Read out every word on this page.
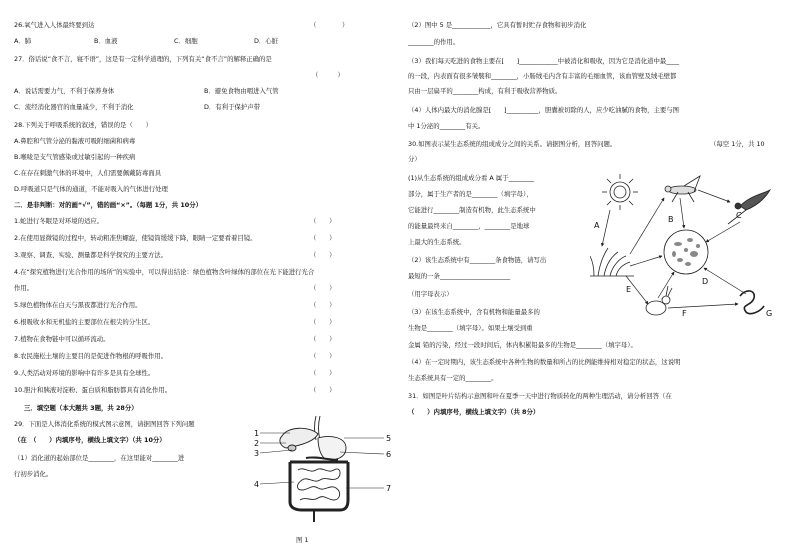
26.氧气进入人体最终要到达	（　　　　）
A．肺	B．血液	C．细胞	D．心脏
27．俗话说“食不言，寝不语”，这是有一定科学道理的，下列有关“食不言”的解释正确的是
（　　　）
A．说话需要力气，不利于保养身体	B．避免食物由咽进入气管
C．流经消化器官的血量减少，不利于消化	D．有利于保护声带
28.下列关于呼吸系统的叙述，错误的是（　　）
A.鼻腔和气管分泌的黏液可吸附细菌和病毒
B.喉咙是支气管感染或过敏引起的一种疾病
C.在存在刺激气体的环境中，人们需要佩戴防毒面具
D.呼吸道只是气体的通道，不能对吸入的气体进行处理
二．是非判断：对的画“√”，错的画“×”。（每题 1分，共 10分）
1.蛇进行冬眠是对环境的适应。	（　　）
2.在使用显微镜的过程中，转动粗准焦螺旋，使镜筒缓缓下降，眼睛一定要看着目镜。	（　　）
3.观察、调查、实验、测量都是科学探究的主要方法。	（　　）
4.在“探究植物进行光合作用的场所”的实验中，可以得出结论：绿色植物含叶绿体的部位在光下能进行光合
作用。	（　　）
5.绿色植物体在白天与黑夜都进行光合作用。	（　　）
6.根吸收水和无机盐的主要部位在根尖的分生区。	（　　）
7.植物在食物链中可以循环流动。	（　　）
8.农民施松土壤的主要目的是促进作物根的呼吸作用。	（　　）
9.人类活动对环境的影响中有许多是具有全球性。	（　　）
10.胆汁和胰液对淀粉、蛋白质和脂肪都具有消化作用。	（　　）
三．填空题（本大题共 3题，共 28分）
29．下面是人体消化系统的模式图示意图，请据图回答下列问题
（在　（　　）内填序号，横线上填文字）（共 10分）
（1）消化道的起始部位是________，在这里能对________进
行初步消化。
1
2
3
4
5
6
7
图 1
（2）图中 5 是____________，它具有暂时贮存食物和初步消化
________的作用。
（3）我们每天吃进的食物主要在[　　]____________中被消化和吸收，因为它是消化道中最____
的一段，内表面有很多皱襞和________，小肠绒毛内含有丰富的毛细血管，该血管壁及绒毛壁都
只由一层扁平的________构成，有利于吸收营养物质。
（4）人体内最大的消化腺是[　　]__________，胆囊被切除的人，应少吃油腻的食物，主要与图
中 1分泌的________有关。
30.如图表示某生态系统的组成成分之间的关系。请据图分析，回答问题。	（每空 1分，共 10
分）
(1)从生态系统的组成成分看 A 属于________
部分，属于生产者的是________（填字母），
它能进行________制造有机物，此生态系统中
的能量最终来自________，________是地球
上最大的生态系统。
（2）该生态系统中有________条食物链，请写出
最短的一条______________________
（用字母表示）
（3）在该生态系统中，含有机物和能量最多的
生物是________（填字母）。如果土壤受到重
金属 铅的污染，经过一段时间后，体内积累铅最多的生物是________（填字母）。
（4）在一定时期内，该生态系统中各种生物的数量和所占的比例能维持相对稳定的状态，这说明
生态系统具有一定的________。
31．如图是叶片结构示意图和叶在夏季一天中进行物质转化的两种生理活动，请分析回答（在
（　　）内填序号，横线上填文字）（共 8分）
A
B	C
D
E
F	G
